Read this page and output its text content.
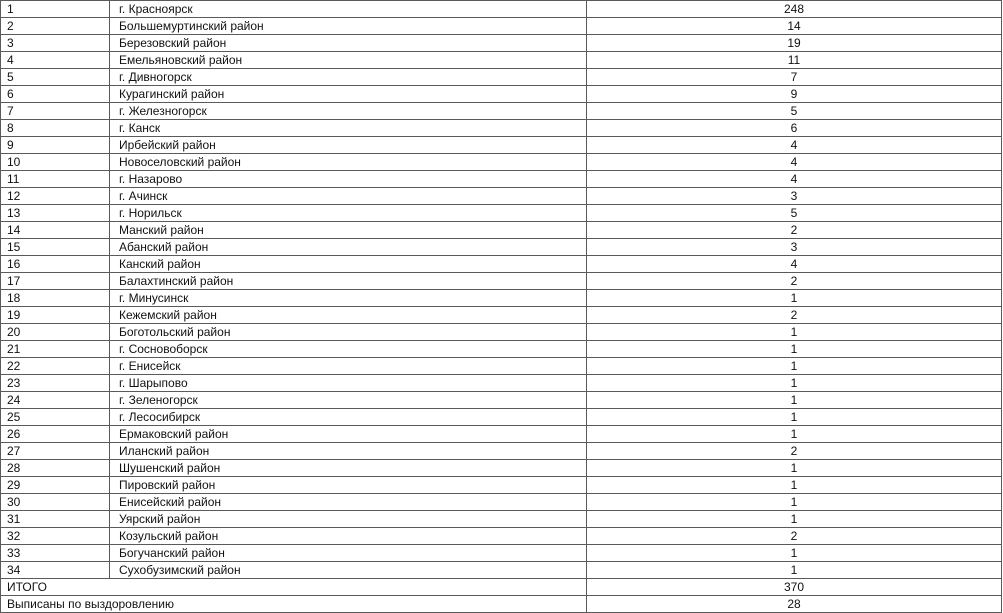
1	г. Красноярск	248
2	Большемуртинский район	14
3	Березовский район	19
4	Емельяновский район	11
5	г. Дивногорск	7
6	Курагинский район	9
7	г. Железногорск	5
8	г. Канск	6
9	Ирбейский район	4
10	Новоселовский район	4
11	г. Назарово	4
12	г. Ачинск	3
13	г. Норильск	5
14	Манский район	2
15	Абанский район	3
16	Канский район	4
17	Балахтинский район	2
18	г. Минусинск	1
19	Кежемский район	2
20	Боготольский район	1
21	г. Сосновоборск	1
22	г. Енисейск	1
23	г. Шарыпово	1
24	г. Зеленогорск	1
25	г. Лесосибирск	1
26	Ермаковский район	1
27	Иланский район	2
28	Шушенский район	1
29	Пировский район	1
30	Енисейский район	1
31	Уярский район	1
32	Козульский район	2
33	Богучанский район	1
34	Сухобузимский район	1
ИТОГО		370
Выписаны по выздоровлению		28
